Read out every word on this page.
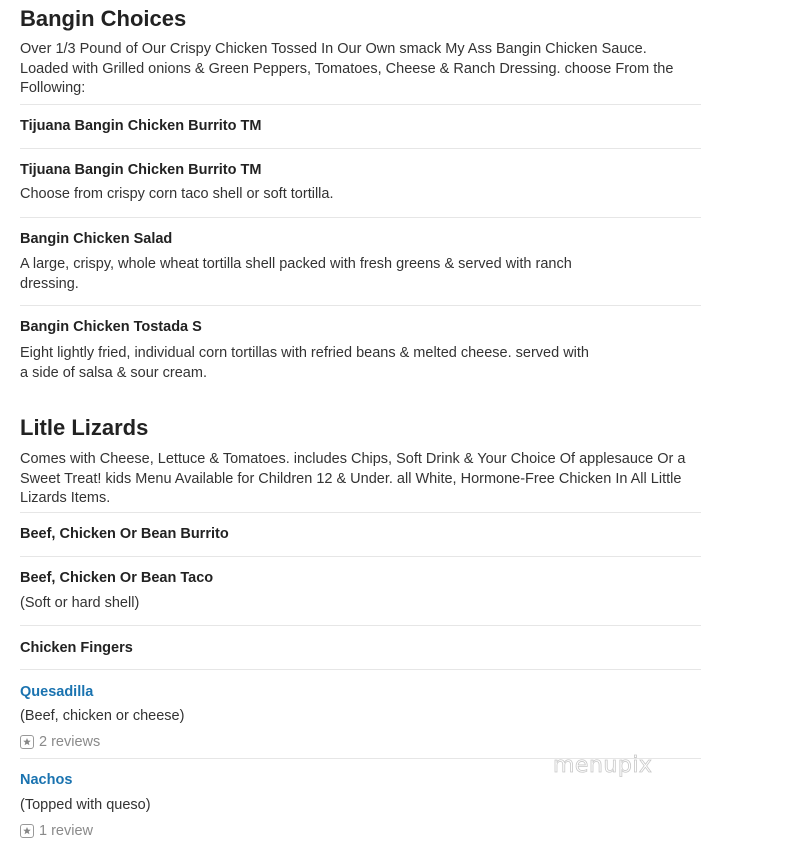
Bangin Choices

Over 1/3 Pound of Our Crispy Chicken Tossed In Our Own smack My Ass Bangin Chicken Sauce. Loaded with Grilled onions & Green Peppers, Tomatoes, Cheese & Ranch Dressing. choose From the Following:

Tijuana Bangin Chicken Burrito TM
Tijuana Bangin Chicken Burrito TM
Choose from crispy corn taco shell or soft tortilla.
Bangin Chicken Salad
A large, crispy, whole wheat tortilla shell packed with fresh greens & served with ranch dressing.
Bangin Chicken Tostada S
Eight lightly fried, individual corn tortillas with refried beans & melted cheese. served with a side of salsa & sour cream.
Litle Lizards

Comes with Cheese, Lettuce & Tomatoes. includes Chips, Soft Drink & Your Choice Of applesauce Or a Sweet Treat! kids Menu Available for Children 12 & Under. all White, Hormone-Free Chicken In All Little Lizards Items.

Beef, Chicken Or Bean Burrito
Beef, Chicken Or Bean Taco
(Soft or hard shell)
Chicken Fingers
Quesadilla
(Beef, chicken or cheese)
2 reviews
Nachos
(Topped with queso)
1 review
menupix
